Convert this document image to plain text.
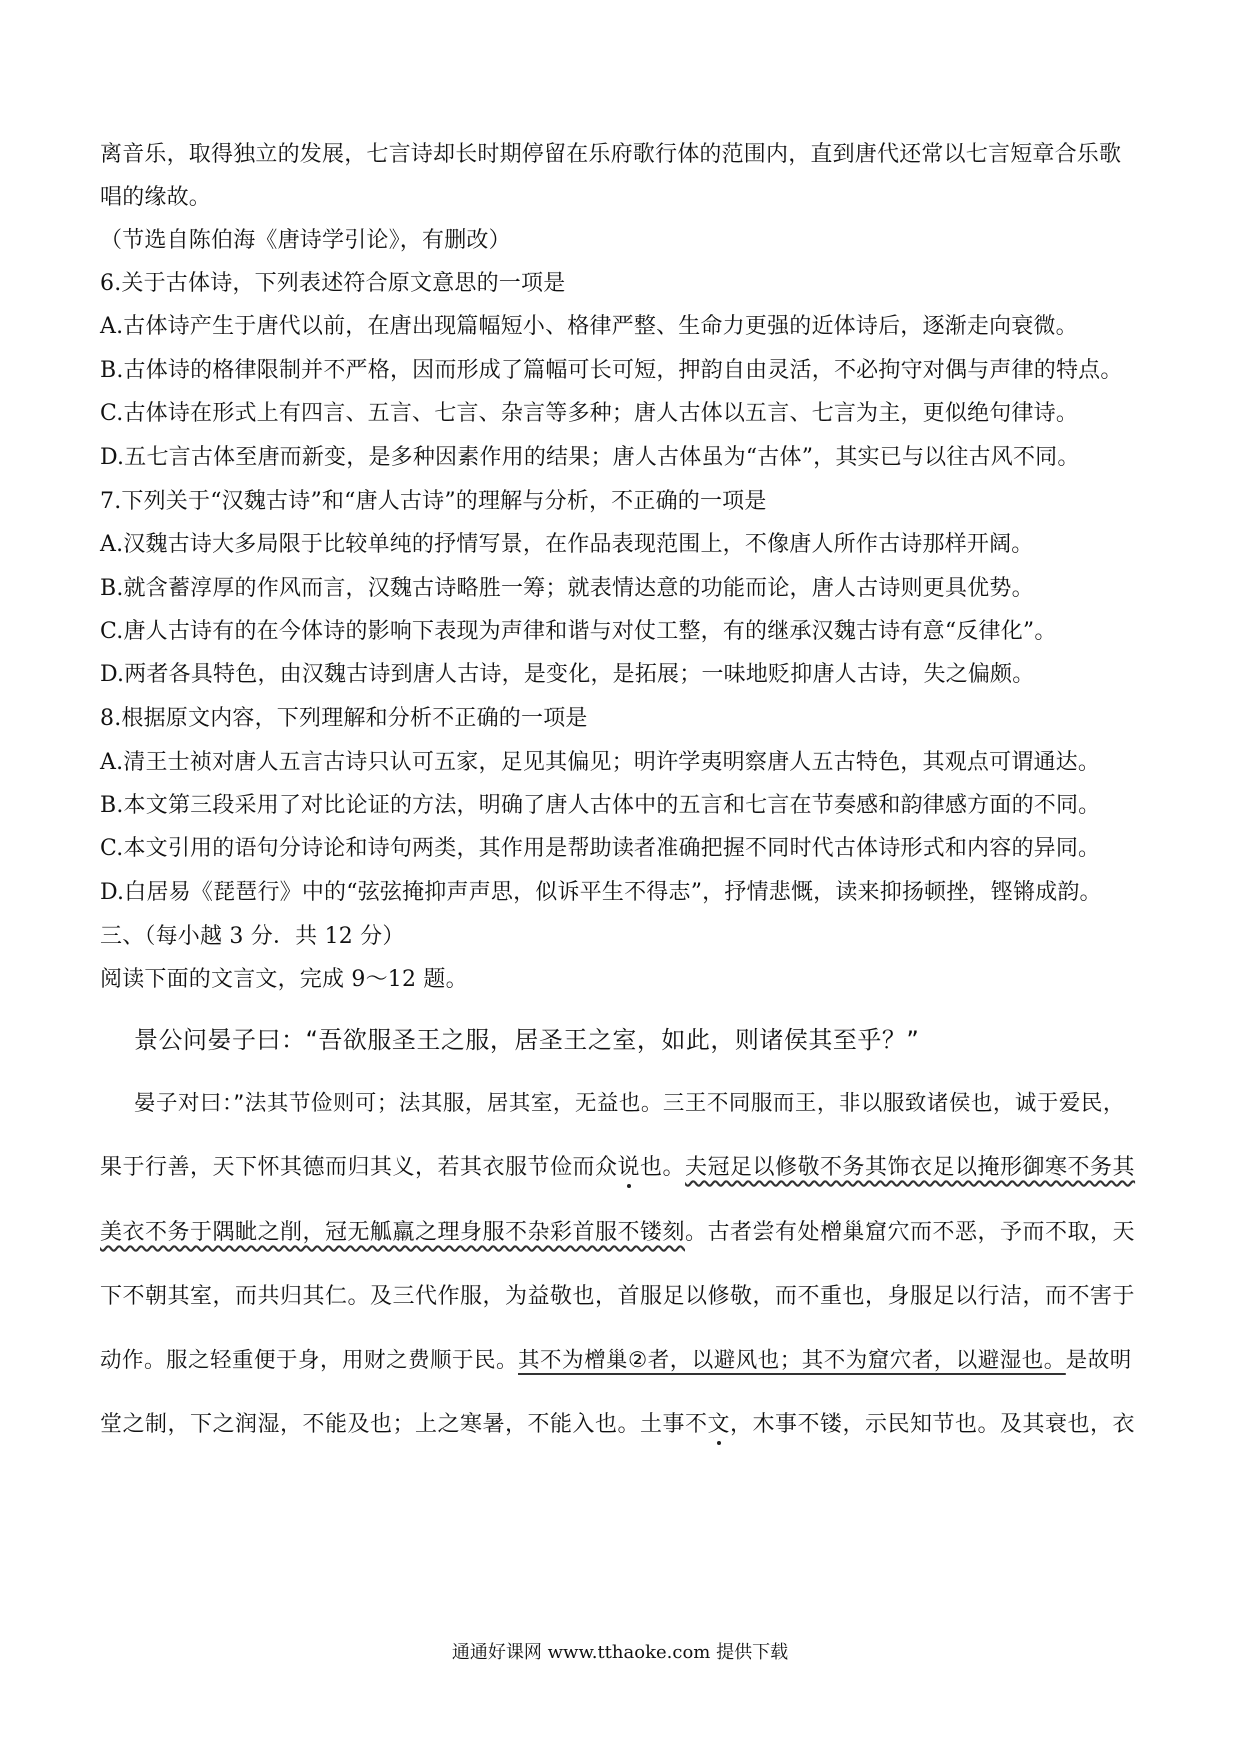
离音乐，取得独立的发展，七言诗却长时期停留在乐府歌行体的范围内，直到唐代还常以七言短章合乐歌
唱的缘故。
（节选自陈伯海《唐诗学引论》，有删改）
6.关于古体诗，下列表述符合原文意思的一项是
A.古体诗产生于唐代以前，在唐出现篇幅短小、格律严整、生命力更强的近体诗后，逐渐走向衰微。
B.古体诗的格律限制并不严格，因而形成了篇幅可长可短，押韵自由灵活，不必拘守对偶与声律的特点。
C.古体诗在形式上有四言、五言、七言、杂言等多种；唐人古体以五言、七言为主，更似绝句律诗。
D.五七言古体至唐而新变，是多种因素作用的结果；唐人古体虽为“古体”，其实已与以往古风不同。
7.下列关于“汉魏古诗”和“唐人古诗”的理解与分析，不正确的一项是
A.汉魏古诗大多局限于比较单纯的抒情写景，在作品表现范围上，不像唐人所作古诗那样开阔。
B.就含蓄淳厚的作风而言，汉魏古诗略胜一筹；就表情达意的功能而论，唐人古诗则更具优势。
C.唐人古诗有的在今体诗的影响下表现为声律和谐与对仗工整，有的继承汉魏古诗有意“反律化”。
D.两者各具特色，由汉魏古诗到唐人古诗，是变化，是拓展；一味地贬抑唐人古诗，失之偏颇。
8.根据原文内容，下列理解和分析不正确的一项是
A.清王士祯对唐人五言古诗只认可五家，足见其偏见；明许学夷明察唐人五古特色，其观点可谓通达。
B.本文第三段采用了对比论证的方法，明确了唐人古体中的五言和七言在节奏感和韵律感方面的不同。
C.本文引用的语句分诗论和诗句两类，其作用是帮助读者准确把握不同时代古体诗形式和内容的异同。
D.白居易《琵琶行》中的“弦弦掩抑声声思，似诉平生不得志”，抒情悲慨，读来抑扬顿挫，铿锵成韵。
三、（每小越 3 分．共 12 分）
阅读下面的文言文，完成 9～12 题。
景公问晏子曰：“吾欲服圣王之服，居圣王之室，如此，则诸侯其至乎？”
晏子对曰：”法其节俭则可；法其服，居其室，无益也。三王不同服而王，非以服致诸侯也，诚于爱民，
果于行善，天下怀其德而归其义，若其衣服节俭而众说也。夫冠足以修敬不务其饰衣足以掩形御寒不务其
美衣不务于隅眦之削，冠无觚羸之理身服不杂彩首服不镂刻。古者尝有处橧巢窟穴而不恶，予而不取，天
下不朝其室，而共归其仁。及三代作服，为益敬也，首服足以修敬，而不重也，身服足以行洁，而不害于
动作。服之轻重便于身，用财之费顺于民。其不为橧巢②者，以避风也；其不为窟穴者，以避湿也。是故明
堂之制，下之润湿，不能及也；上之寒暑，不能入也。土事不文，木事不镂，示民知节也。及其衰也，衣
通通好课网 www.tthaoke.com 提供下载
